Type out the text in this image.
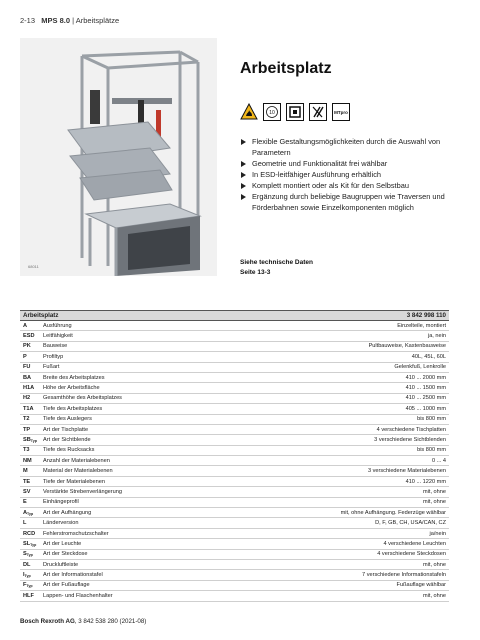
2-13 MPS 8.0 | Arbeitsplätze
68011
Arbeitsplatz
10	MTpro
Flexible Gestaltungsmöglichkeiten durch die Auswahl von Parametern
Geometrie und Funktionalität frei wählbar
In ESD-leitfähiger Ausführung erhältlich
Komplett montiert oder als Kit für den Selbstbau
Ergänzung durch beliebige Baugruppen wie Traversen und Förderbahnen sowie Einzelkomponenten möglich
Siehe technische Daten
Seite 13-3
Arbeitsplatz	3 842 998 110
A	Ausführung	Einzelteile, montiert
ESD	Leitfähigkeit	ja, nein
PK	Bauweise	Pultbauweise, Kastenbauweise
P	Profiltyp	40L, 45L, 60L
FU	Fußart	Gelenkfuß, Lenkrolle
BA	Breite des Arbeitsplatzes	410 ... 2000 mm
H1A	Höhe der Arbeitsfläche	410 ... 1500 mm
H2	Gesamthöhe des Arbeitsplatzes	410 ... 2500 mm
T1A	Tiefe des Arbeitsplatzes	405 ... 1000 mm
T2	Tiefe des Auslegers	bis 800 mm
TP	Art der Tischplatte	4 verschiedene Tischplatten
$SB_{Typ}$	Art der Sichtblende	3 verschiedene Sichtblenden
T3	Tiefe des Rucksacks	bis 800 mm
NM	Anzahl der Materialebenen	0 ... 4
M	Material der Materialebenen	3 verschiedene Materialebenen
TE	Tiefe der Materialebenen	410 ... 1220 mm
SV	Verstärkte Strebenverlängerung	mit, ohne
E	Einhängeprofil	mit, ohne
$A_{Typ}$	Art der Aufhängung	mit, ohne Aufhängung. Federzüge wählbar
L	Länderversion	D, F, GB, CH, USA/CAN, CZ
RCD	Fehlerstromschutzschalter	ja/nein
$SL_{Typ}$	Art der Leuchte	4 verschiedene Leuchten
$S_{Typ}$	Art der Steckdose	4 verschiedene Steckdosen
DL	Druckluftleiste	mit, ohne
$I_{Typ}$	Art der Informationstafel	7 verschiedene Informationstafeln
$F_{Typ}$	Art der Fußauflage	Fußauflage wählbar
HLF	Lappen- und Flaschenhalter	mit, ohne
Bosch Rexroth AG, 3 842 538 280 (2021-08)
